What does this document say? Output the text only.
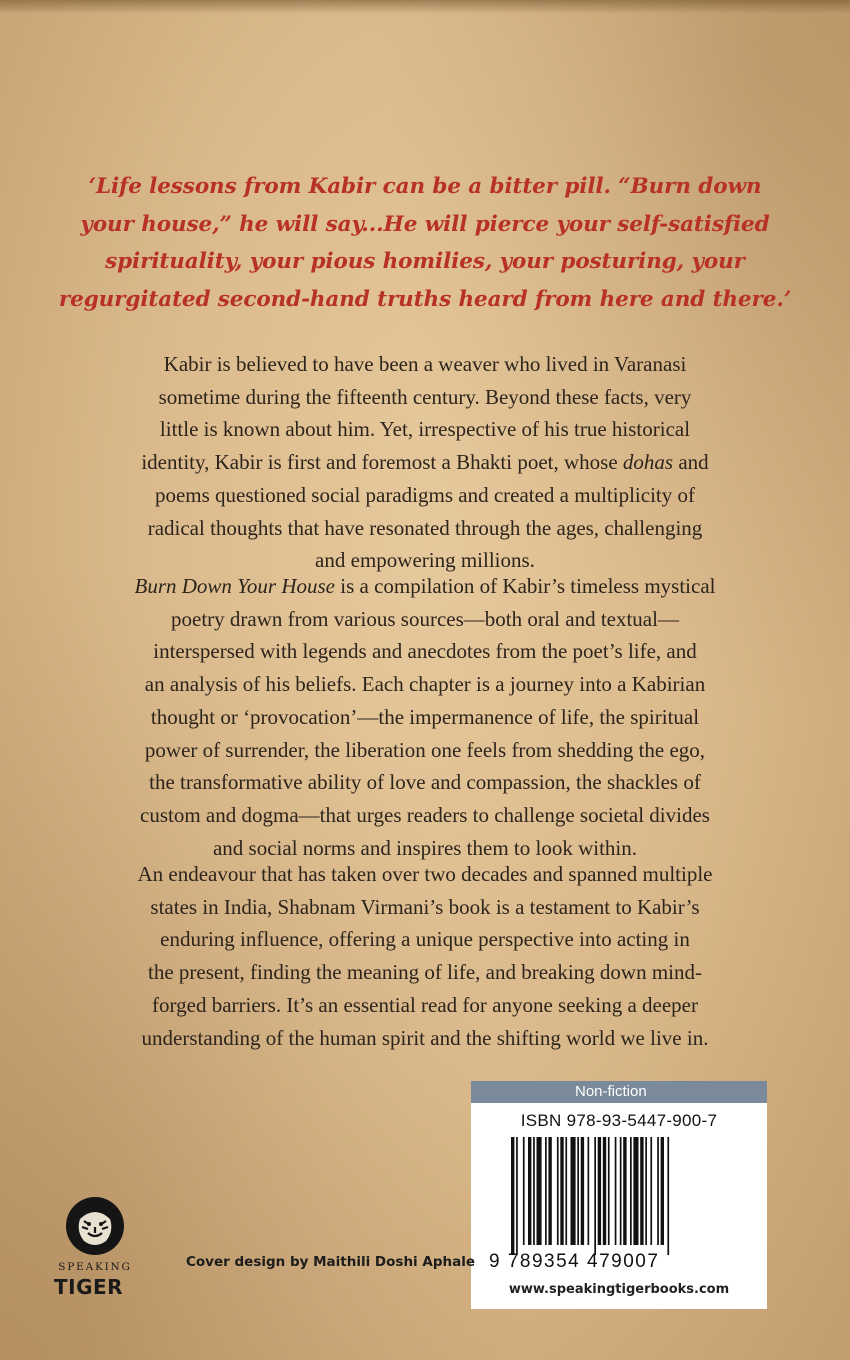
‘Life lessons from Kabir can be a bitter pill. “Burn down
your house,” he will say...He will pierce your self-satisfied
spirituality, your pious homilies, your posturing, your
regurgitated second-hand truths heard from here and there.’
Kabir is believed to have been a weaver who lived in Varanasi
sometime during the fifteenth century. Beyond these facts, very
little is known about him. Yet, irrespective of his true historical
identity, Kabir is first and foremost a Bhakti poet, whose dohas and
poems questioned social paradigms and created a multiplicity of
radical thoughts that have resonated through the ages, challenging
and empowering millions.
Burn Down Your House is a compilation of Kabir’s timeless mystical
poetry drawn from various sources—both oral and textual—
interspersed with legends and anecdotes from the poet’s life, and
an analysis of his beliefs. Each chapter is a journey into a Kabirian
thought or ‘provocation’—the impermanence of life, the spiritual
power of surrender, the liberation one feels from shedding the ego,
the transformative ability of love and compassion, the shackles of
custom and dogma—that urges readers to challenge societal divides
and social norms and inspires them to look within.
An endeavour that has taken over two decades and spanned multiple
states in India, Shabnam Virmani’s book is a testament to Kabir’s
enduring influence, offering a unique perspective into acting in
the present, finding the meaning of life, and breaking down mind-
forged barriers. It’s an essential read for anyone seeking a deeper
understanding of the human spirit and the shifting world we live in.
Non-fiction
ISBN 978-93-5447-900-7
9 789354 479007
www.speakingtigerbooks.com
Cover design by Maithili Doshi Aphale
SPEAKING
TIGER
